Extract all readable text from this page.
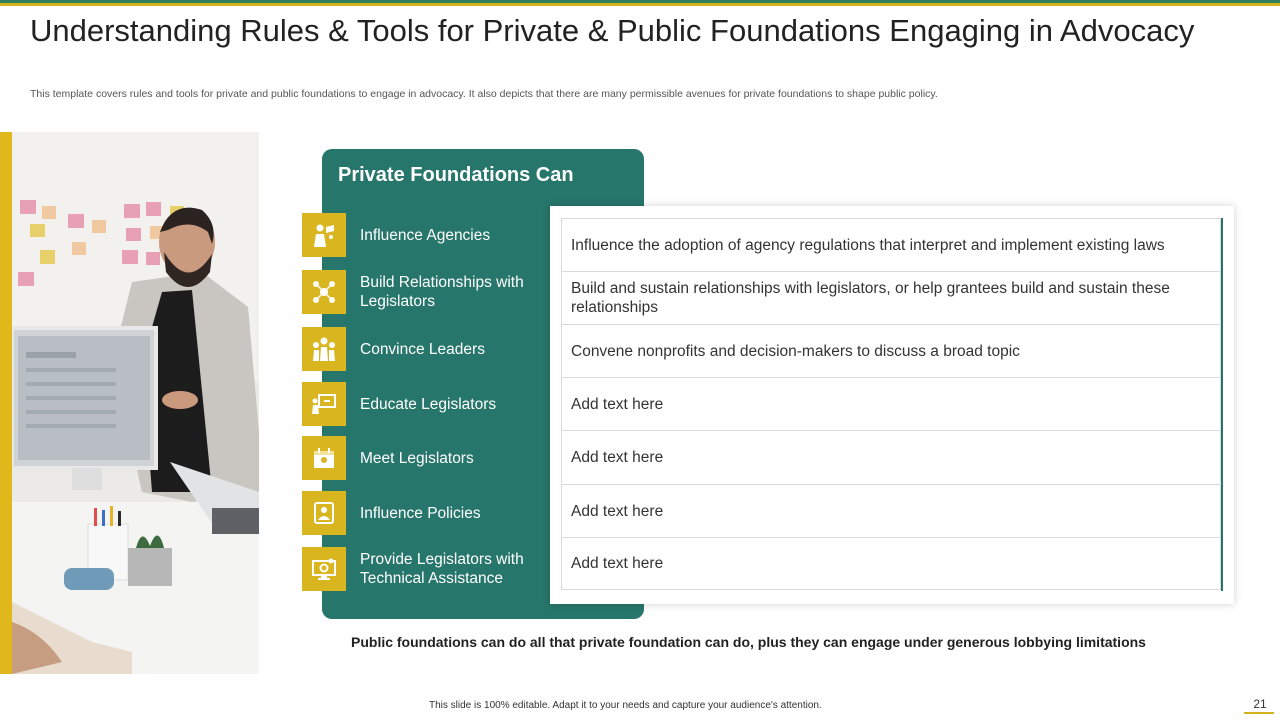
Understanding Rules & Tools for Private & Public Foundations Engaging in Advocacy
This template covers rules and tools for private and public foundations to engage in advocacy. It also depicts that there are many permissible avenues for private foundations to shape public policy.
Private Foundations Can
Influence Agencies
Build Relationships with Legislators
Convince Leaders
Educate Legislators
Meet Legislators
Influence Policies
Provide Legislators with Technical Assistance
Influence the adoption of agency regulations that interpret and implement existing laws
Build and sustain relationships with legislators, or help grantees build and sustain these relationships
Convene nonprofits and decision-makers to discuss a broad topic
Add text here
Add text here
Add text here
Add text here
Public foundations can do all that private foundation can do, plus they can engage under generous lobbying limitations
This slide is 100% editable. Adapt it to your needs and capture your audience's attention.	21
